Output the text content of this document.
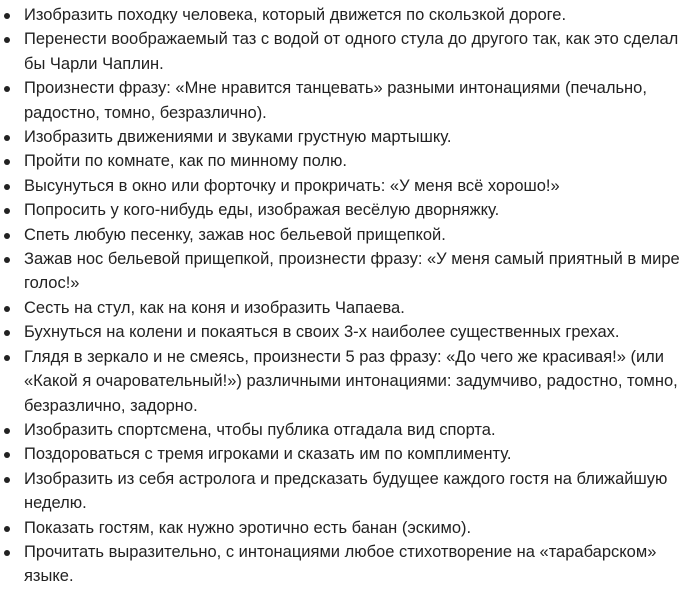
Изобразить походку человека, который движется по скользкой дороге.
Перенести воображаемый таз с водой от одного стула до другого так, как это сделал бы Чарли Чаплин.
Произнести фразу: «Мне нравится танцевать» разными интонациями (печально, радостно, томно, безразлично).
Изобразить движениями и звуками грустную мартышку.
Пройти по комнате, как по минному полю.
Высунуться в окно или форточку и прокричать: «У меня всё хорошо!»
Попросить у кого-нибудь еды, изображая весёлую дворняжку.
Спеть любую песенку, зажав нос бельевой прищепкой.
Зажав нос бельевой прищепкой, произнести фразу: «У меня самый приятный в мире голос!»
Сесть на стул, как на коня и изобразить Чапаева.
Бухнуться на колени и покаяться в своих 3-х наиболее существенных грехах.
Глядя в зеркало и не смеясь, произнести 5 раз фразу: «До чего же красивая!» (или «Какой я очаровательный!») различными интонациями: задумчиво, радостно, томно, безразлично, задорно.
Изобразить спортсмена, чтобы публика отгадала вид спорта.
Поздороваться с тремя игроками и сказать им по комплименту.
Изобразить из себя астролога и предсказать будущее каждого гостя на ближайшую неделю.
Показать гостям, как нужно эротично есть банан (эскимо).
Прочитать выразительно, с интонациями любое стихотворение на «тарабарском» языке.
